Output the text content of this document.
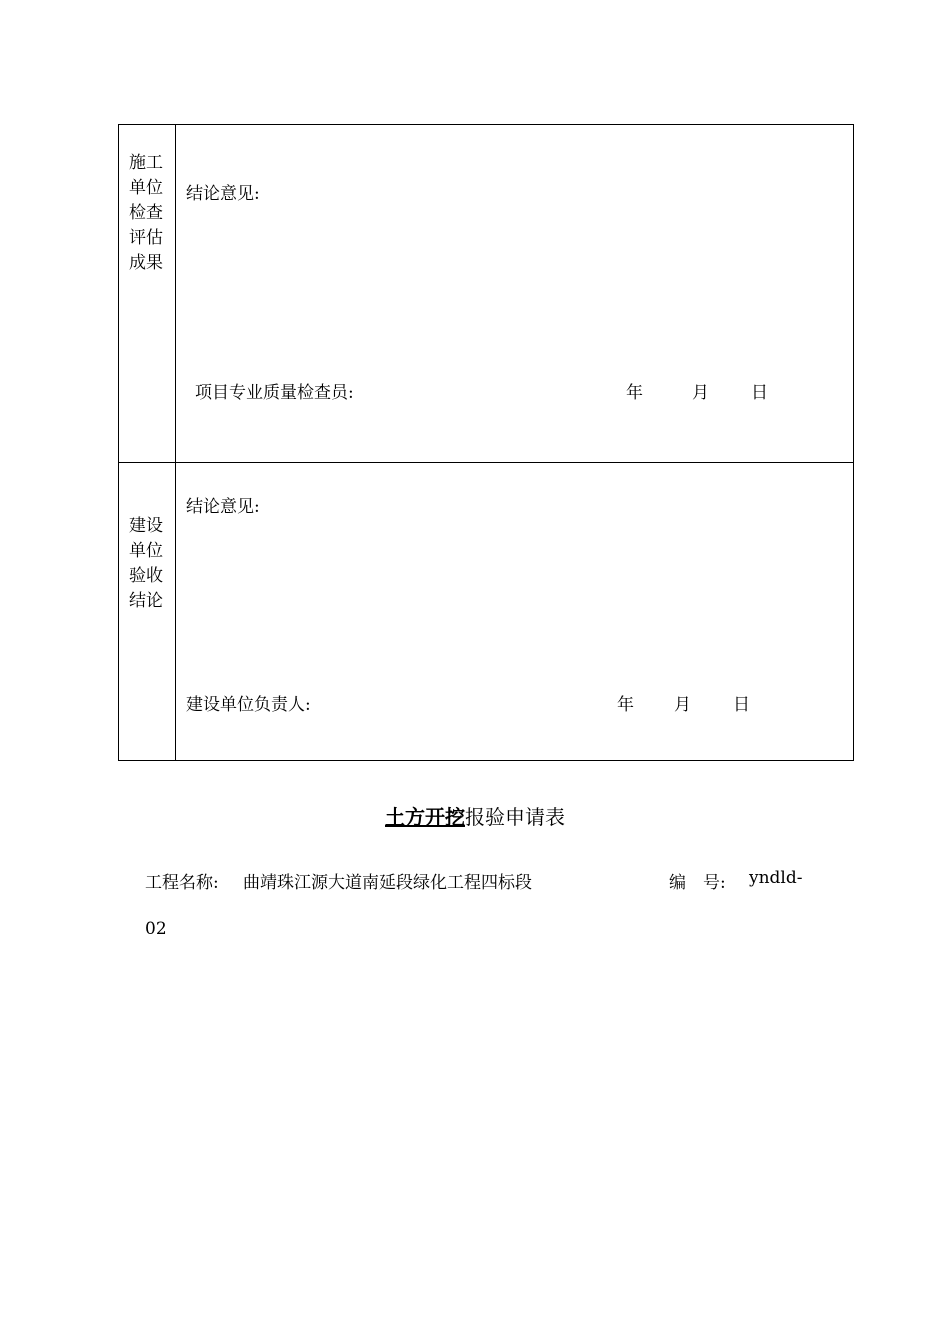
施工
单位
检查
评估
成果
结论意见:
项目专业质量检查员:	年	月 日
建设
单位
验收
结论
结论意见:
建设单位负责人:	年 月 日
土方开挖报验申请表
工程名称: 曲靖珠江源大道南延段绿化工程四标段	编　号: yndld-
02
